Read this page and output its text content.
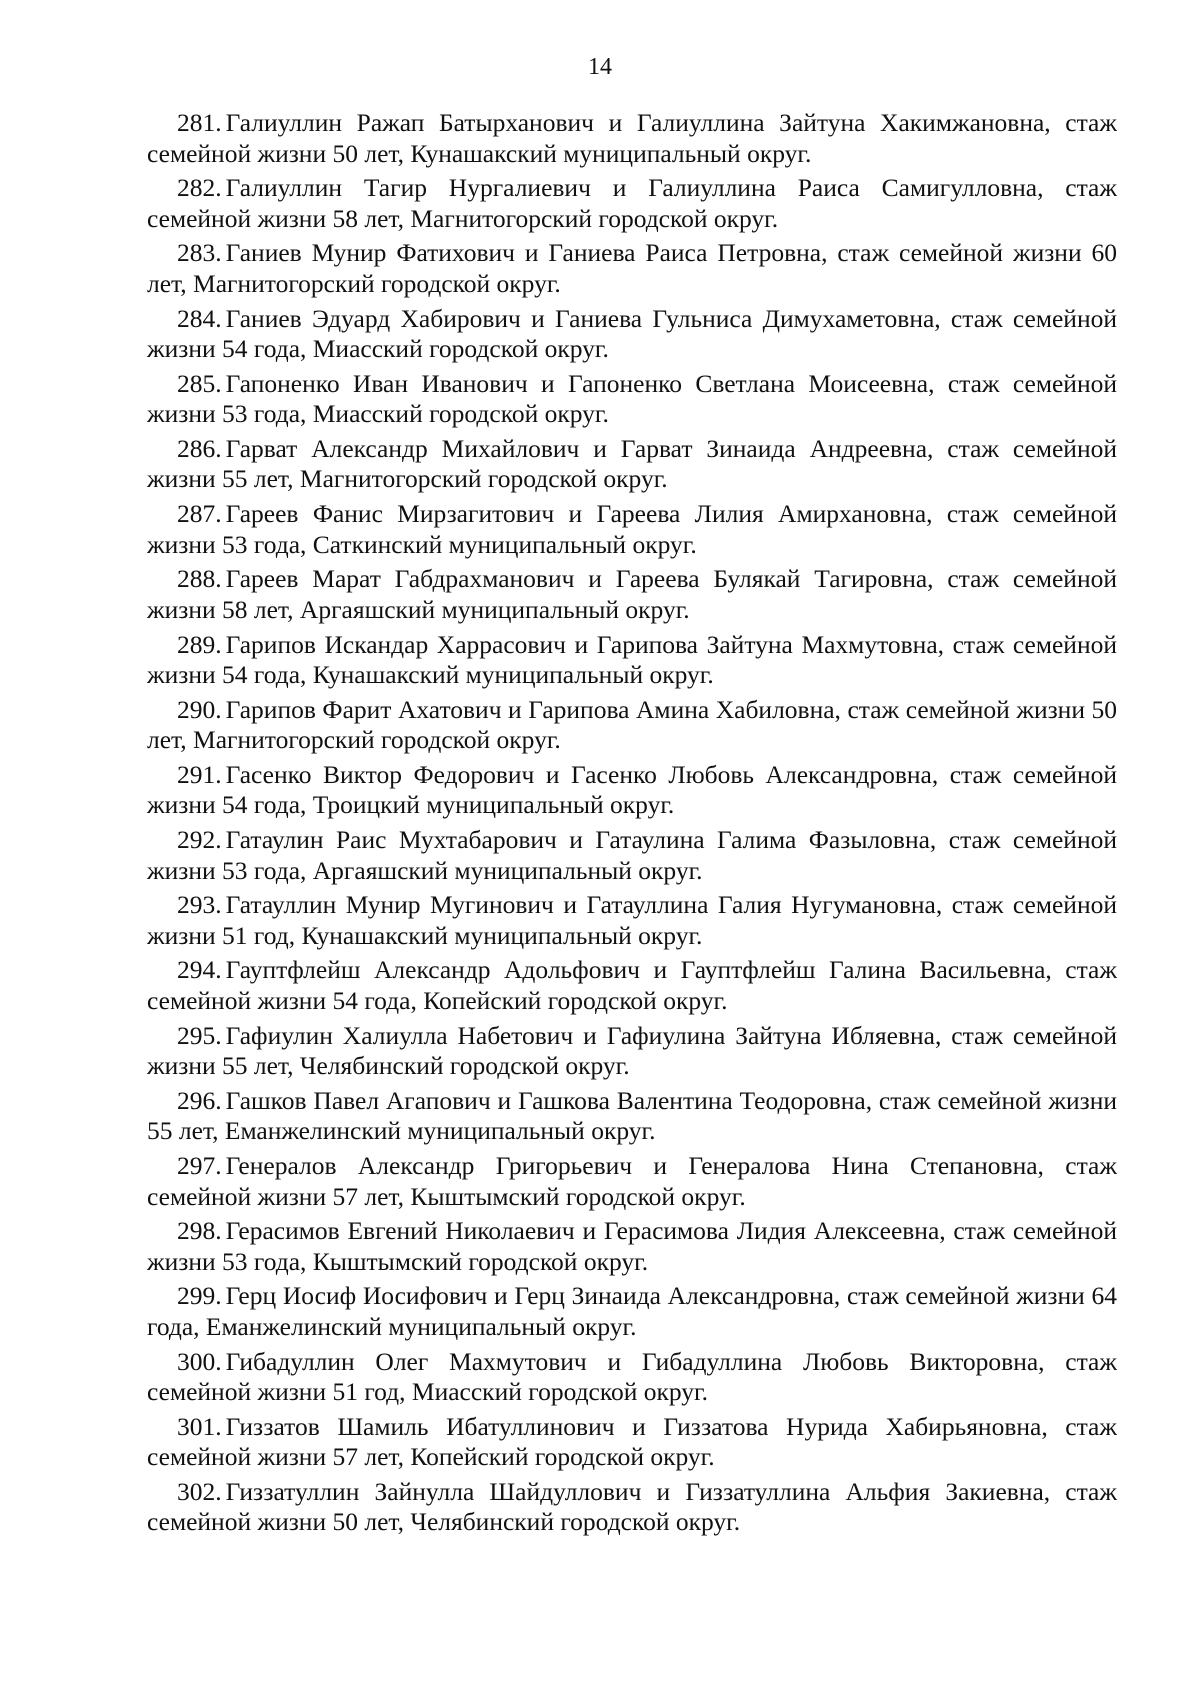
14
281. Галиуллин Ражап Батырханович и Галиуллина Зайтуна Хакимжановна, стаж семейной жизни 50 лет, Кунашакский муниципальный округ.
282. Галиуллин Тагир Нургалиевич и Галиуллина Раиса Самигулловна, стаж семейной жизни 58 лет, Магнитогорский городской округ.
283. Ганиев Мунир Фатихович и Ганиева Раиса Петровна, стаж семейной жизни 60 лет, Магнитогорский городской округ.
284. Ганиев Эдуард Хабирович и Ганиева Гульниса Димухаметовна, стаж семейной жизни 54 года, Миасский городской округ.
285. Гапоненко Иван Иванович и Гапоненко Светлана Моисеевна, стаж семейной жизни 53 года, Миасский городской округ.
286. Гарват Александр Михайлович и Гарват Зинаида Андреевна, стаж семейной жизни 55 лет, Магнитогорский городской округ.
287. Гареев Фанис Мирзагитович и Гареева Лилия Амирхановна, стаж семейной жизни 53 года, Саткинский муниципальный округ.
288. Гареев Марат Габдрахманович и Гареева Булякай Тагировна, стаж семейной жизни 58 лет, Аргаяшский муниципальный округ.
289. Гарипов Искандар Харрасович и Гарипова Зайтуна Махмутовна, стаж семейной жизни 54 года, Кунашакский муниципальный округ.
290. Гарипов Фарит Ахатович и Гарипова Амина Хабиловна, стаж семейной жизни 50 лет, Магнитогорский городской округ.
291. Гасенко Виктор Федорович и Гасенко Любовь Александровна, стаж семейной жизни 54 года, Троицкий муниципальный округ.
292. Гатаулин Раис Мухтабарович и Гатаулина Галима Фазыловна, стаж семейной жизни 53 года, Аргаяшский муниципальный округ.
293. Гатауллин Мунир Мугинович и Гатауллина Галия Нугумановна, стаж семейной жизни 51 год, Кунашакский муниципальный округ.
294. Гауптфлейш Александр Адольфович и Гауптфлейш Галина Васильевна, стаж семейной жизни 54 года, Копейский городской округ.
295. Гафиулин Халиулла Набетович и Гафиулина Зайтуна Ибляевна, стаж семейной жизни 55 лет, Челябинский городской округ.
296. Гашков Павел Агапович и Гашкова Валентина Теодоровна, стаж семейной жизни 55 лет, Еманжелинский муниципальный округ.
297. Генералов Александр Григорьевич и Генералова Нина Степановна, стаж семейной жизни 57 лет, Кыштымский городской округ.
298. Герасимов Евгений Николаевич и Герасимова Лидия Алексеевна, стаж семейной жизни 53 года, Кыштымский городской округ.
299. Герц Иосиф Иосифович и Герц Зинаида Александровна, стаж семейной жизни 64 года, Еманжелинский муниципальный округ.
300. Гибадуллин Олег Махмутович и Гибадуллина Любовь Викторовна, стаж семейной жизни 51 год, Миасский городской округ.
301. Гиззатов Шамиль Ибатуллинович и Гиззатова Нурида Хабирьяновна, стаж семейной жизни 57 лет, Копейский городской округ.
302. Гиззатуллин Зайнулла Шайдуллович и Гиззатуллина Альфия Закиевна, стаж семейной жизни 50 лет, Челябинский городской округ.
